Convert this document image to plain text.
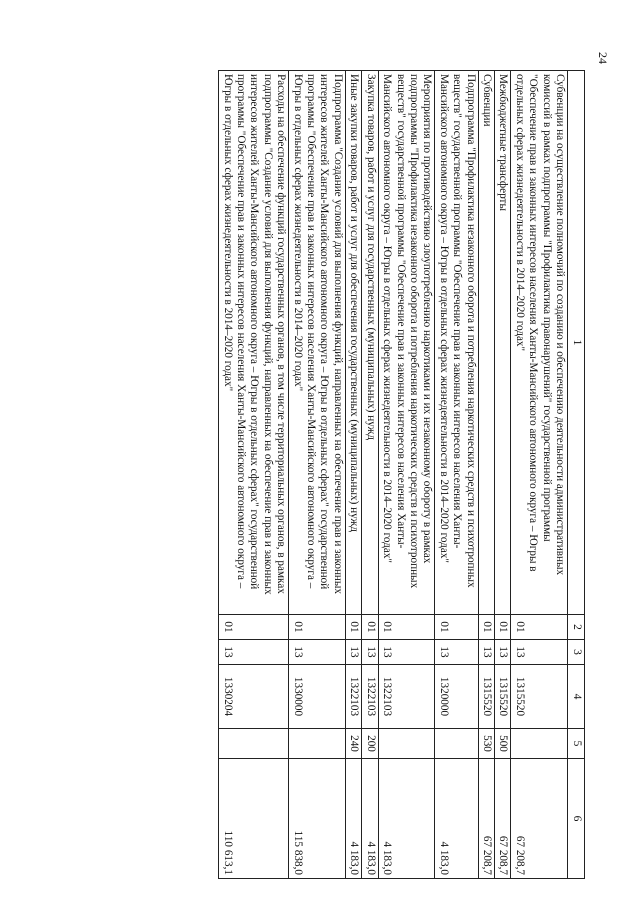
24
1	2	3	4	5	6
Субвенции на осуществление полномочий по созданию и обеспечению деятельности административных комиссий в рамках подпрограммы "Профилактика правонарушений" государственной программы "Обеспечение прав и законных интересов населения Ханты-Мансийского автономного округа – Югры в отдельных сферах жизнедеятельности в 2014–2020 годах"	01	13	1315520		67 208,7
Межбюджетные трансферты	01	13	1315520	500	67 208,7
Субвенции	01	13	1315520	530	67 208,7
Подпрограмма "Профилактика незаконного оборота и потребления наркотических средств и психотропных веществ" государственной программы "Обеспечение прав и законных интересов населения Ханты-Мансийского автономного округа – Югры в отдельных сферах жизнедеятельности в 2014–2020 годах"	01	13	1320000		4 183,0
Мероприятия по противодействию злоупотреблению наркотиками и их незаконному обороту в рамках подпрограммы "Профилактика незаконного оборота и потребления наркотических средств и психотропных веществ" государственной программы "Обеспечение прав и законных интересов населения Ханты-Мансийского автономного округа – Югры в отдельных сферах жизнедеятельности в 2014–2020 годах"	01	13	1322103		4 183,0
Закупка товаров, работ и услуг для государственных (муниципальных) нужд	01	13	1322103	200	4 183,0
Иные закупки товаров, работ и услуг для обеспечения государственных (муниципальных) нужд	01	13	1322103	240	4 183,0
Подпрограмма "Создание условий для выполнения функций, направленных на обеспечение прав и законных интересов жителей Ханты-Мансийского автономного округа – Югры в отдельных сферах" государственной программы "Обеспечение прав и законных интересов населения Ханты-Мансийского автономного округа – Югры в отдельных сферах жизнедеятельности в 2014–2020 годах"	01	13	1330000		115 838,0
Расходы на обеспечение функций государственных органов, в том числе территориальных органов, в рамках подпрограммы "Создание условий для выполнения функций, направленных на обеспечение прав и законных интересов жителей Ханты-Мансийского автономного округа – Югры в отдельных сферах" государственной программы "Обеспечение прав и законных интересов населения Ханты-Мансийского автономного округа – Югры в отдельных сферах жизнедеятельности в 2014–2020 годах"	01	13	1330204		110 613,1
